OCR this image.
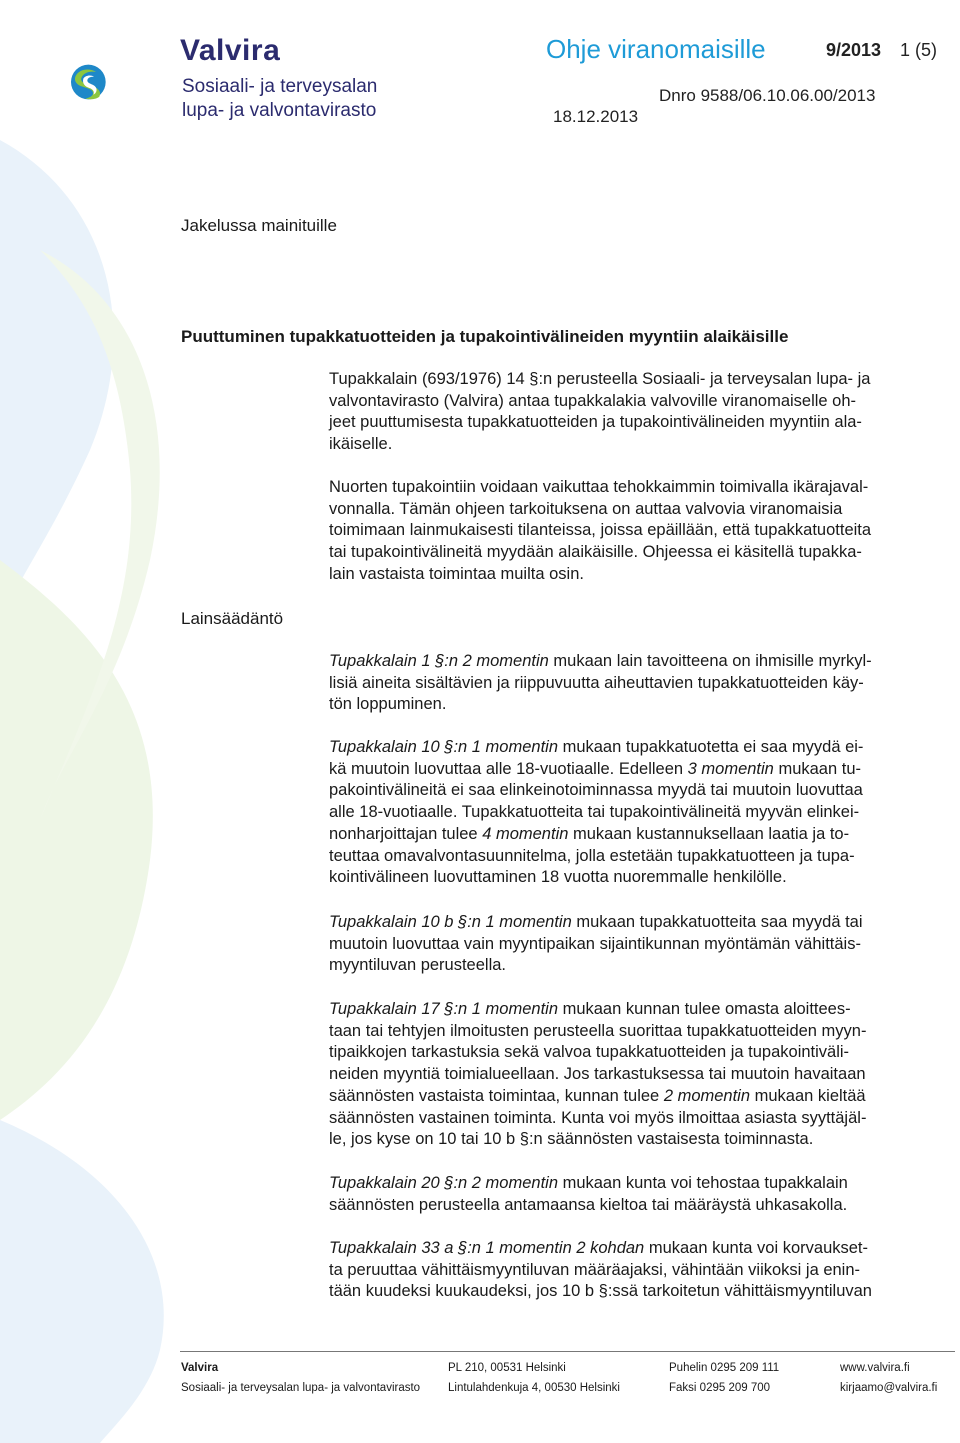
Valvira
Sosiaali- ja terveysalan
lupa- ja valvontavirasto
Ohje viranomaisille	9/2013 1 (5)
Dnro 9588/06.10.06.00/2013
18.12.2013
Jakelussa mainituille
Puuttuminen tupakkatuotteiden ja tupakointivälineiden myyntiin alaikäisille
Lainsäädäntö
Tupakkalain (693/1976) 14 §:n perusteella Sosiaali- ja terveysalan lupa- ja
valvontavirasto (Valvira) antaa tupakkalakia valvoville viranomaiselle oh-
jeet puuttumisesta tupakkatuotteiden ja tupakointivälineiden myyntiin ala-
ikäiselle.
Nuorten tupakointiin voidaan vaikuttaa tehokkaimmin toimivalla ikärajaval-
vonnalla. Tämän ohjeen tarkoituksena on auttaa valvovia viranomaisia
toimimaan lainmukaisesti tilanteissa, joissa epäillään, että tupakkatuotteita
tai tupakointivälineitä myydään alaikäisille. Ohjeessa ei käsitellä tupakka-
lain vastaista toimintaa muilta osin.
Tupakkalain 1 §:n 2 momentin mukaan lain tavoitteena on ihmisille myrkyl-
lisiä aineita sisältävien ja riippuvuutta aiheuttavien tupakkatuotteiden käy-
tön loppuminen.
Tupakkalain 10 §:n 1 momentin mukaan tupakkatuotetta ei saa myydä ei-
kä muutoin luovuttaa alle 18-vuotiaalle. Edelleen 3 momentin mukaan tu-
pakointivälineitä ei saa elinkeinotoiminnassa myydä tai muutoin luovuttaa
alle 18-vuotiaalle. Tupakkatuotteita tai tupakointivälineitä myyvän elinkei-
nonharjoittajan tulee 4 momentin mukaan kustannuksellaan laatia ja to-
teuttaa omavalvontasuunnitelma, jolla estetään tupakkatuotteen ja tupa-
kointivälineen luovuttaminen 18 vuotta nuoremmalle henkilölle.
Tupakkalain 10 b §:n 1 momentin mukaan tupakkatuotteita saa myydä tai
muutoin luovuttaa vain myyntipaikan sijaintikunnan myöntämän vähittäis-
myyntiluvan perusteella.
Tupakkalain 17 §:n 1 momentin mukaan kunnan tulee omasta aloittees-
taan tai tehtyjen ilmoitusten perusteella suorittaa tupakkatuotteiden myyn-
tipaikkojen tarkastuksia sekä valvoa tupakkatuotteiden ja tupakointiväli-
neiden myyntiä toimialueellaan. Jos tarkastuksessa tai muutoin havaitaan
säännösten vastaista toimintaa, kunnan tulee 2 momentin mukaan kieltää
säännösten vastainen toiminta. Kunta voi myös ilmoittaa asiasta syyttäjäl-
le, jos kyse on 10 tai 10 b §:n säännösten vastaisesta toiminnasta.
Tupakkalain 20 §:n 2 momentin mukaan kunta voi tehostaa tupakkalain
säännösten perusteella antamaansa kieltoa tai määräystä uhkasakolla.
Tupakkalain 33 a §:n 1 momentin 2 kohdan mukaan kunta voi korvaukset-
ta peruuttaa vähittäismyyntiluvan määräajaksi, vähintään viikoksi ja enin-
tään kuudeksi kuukaudeksi, jos 10 b §:ssä tarkoitetun vähittäismyyntiluvan
Valvira
Sosiaali- ja terveysalan lupa- ja valvontavirasto
PL 210, 00531 Helsinki
Lintulahdenkuja 4, 00530 Helsinki
Puhelin 0295 209 111
Faksi 0295 209 700
www.valvira.fi
kirjaamo@valvira.fi
